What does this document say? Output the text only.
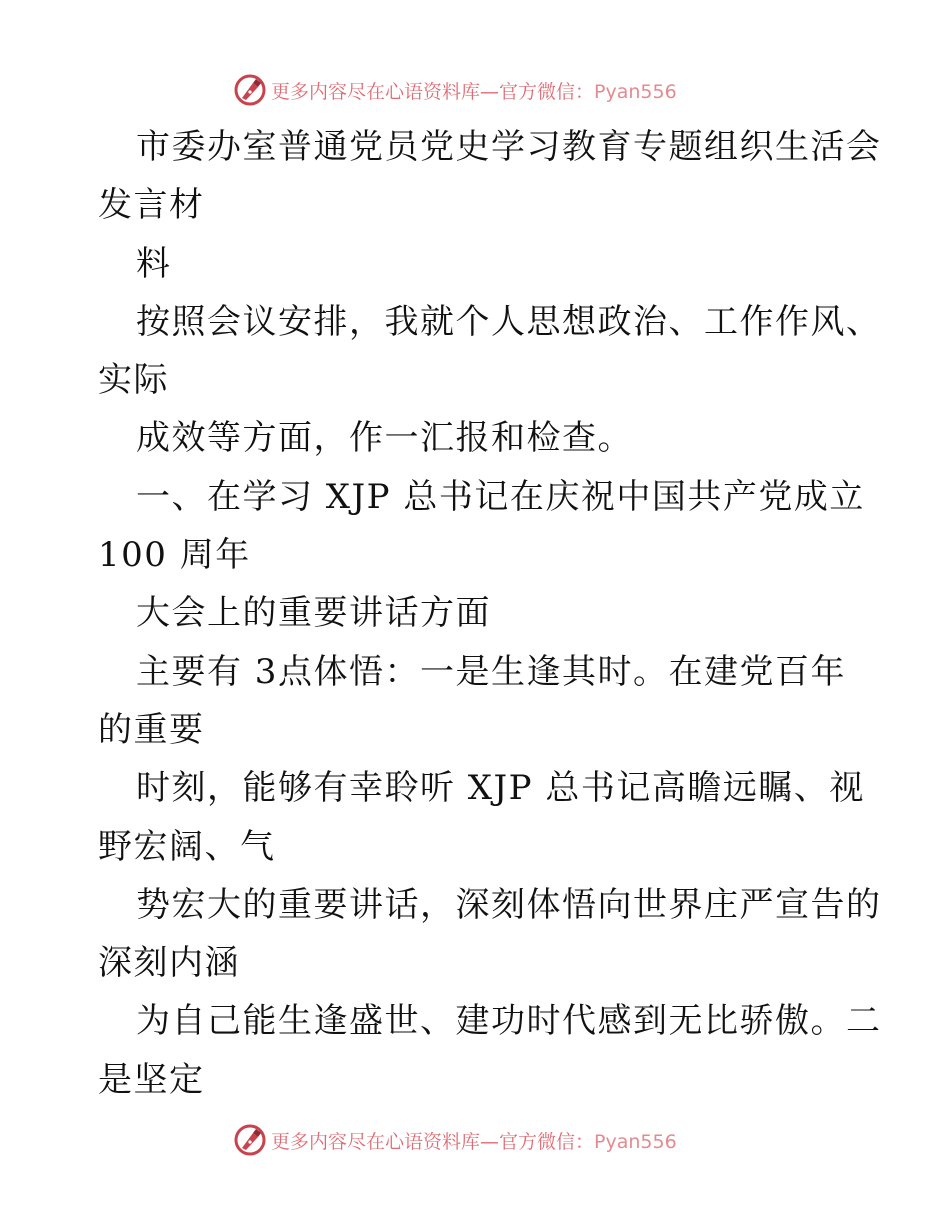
更多内容尽在心语资料库—官方微信：Pyan556
市委办室普通党员党史学习教育专题组织生活会
发言材
料
按照会议安排，我就个人思想政治、工作作风、
实际
成效等方面，作一汇报和检查。
一、在学习 XJP 总书记在庆祝中国共产党成立
100 周年
大会上的重要讲话方面
主要有 3点体悟：一是生逢其时。在建党百年
的重要
时刻，能够有幸聆听 XJP 总书记高瞻远瞩、视
野宏阔、气
势宏大的重要讲话，深刻体悟向世界庄严宣告的
深刻内涵
为自己能生逢盛世、建功时代感到无比骄傲。二
是坚定
更多内容尽在心语资料库—官方微信：Pyan556
